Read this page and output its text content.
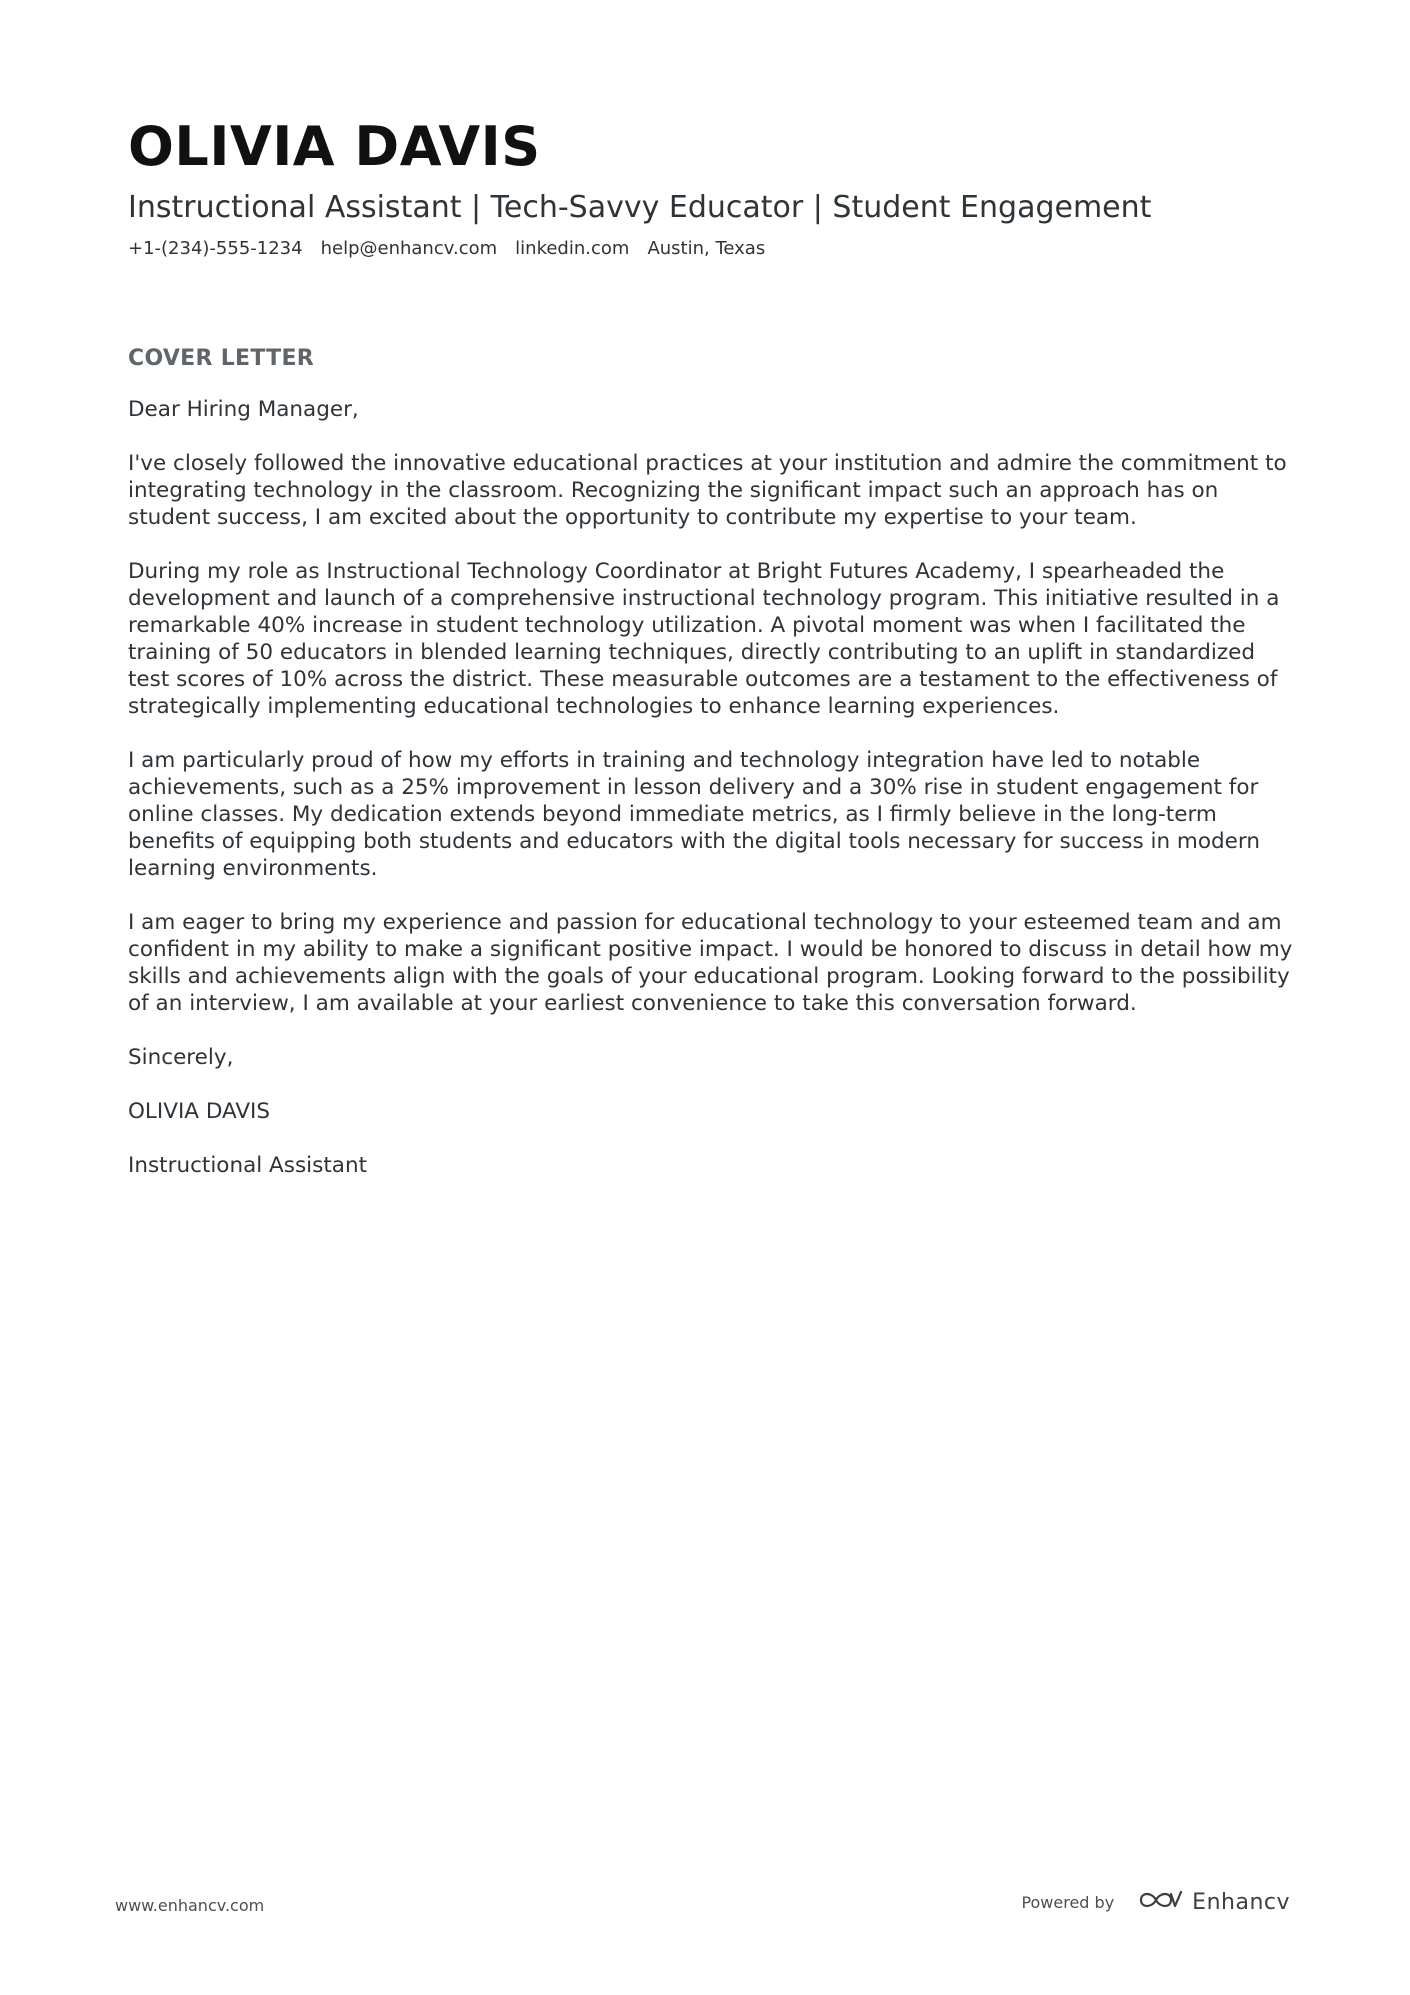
OLIVIA DAVIS
Instructional Assistant | Tech-Savvy Educator | Student Engagement
+1-(234)-555-1234 help@enhancv.com linkedin.com Austin, Texas
COVER LETTER

Dear Hiring Manager,

I've closely followed the innovative educational practices at your institution and admire the commitment to integrating technology in the classroom. Recognizing the significant impact such an approach has on student success, I am excited about the opportunity to contribute my expertise to your team.

During my role as Instructional Technology Coordinator at Bright Futures Academy, I spearheaded the development and launch of a comprehensive instructional technology program. This initiative resulted in a remarkable 40% increase in student technology utilization. A pivotal moment was when I facilitated the training of 50 educators in blended learning techniques, directly contributing to an uplift in standardized test scores of 10% across the district. These measurable outcomes are a testament to the effectiveness of strategically implementing educational technologies to enhance learning experiences.

I am particularly proud of how my efforts in training and technology integration have led to notable achievements, such as a 25% improvement in lesson delivery and a 30% rise in student engagement for online classes. My dedication extends beyond immediate metrics, as I firmly believe in the long-term benefits of equipping both students and educators with the digital tools necessary for success in modern learning environments.

I am eager to bring my experience and passion for educational technology to your esteemed team and am confident in my ability to make a significant positive impact. I would be honored to discuss in detail how my skills and achievements align with the goals of your educational program. Looking forward to the possibility of an interview, I am available at your earliest convenience to take this conversation forward.

Sincerely,

OLIVIA DAVIS

Instructional Assistant

www.enhancv.com	Powered by	Enhancv
